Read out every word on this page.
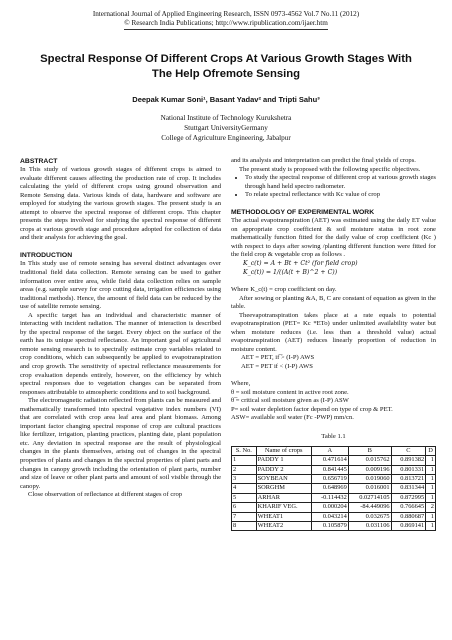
International Journal of Applied Engineering Research, ISSN 0973-4562 Vol.7 No.11 (2012)
© Research India Publications; http://www.ripublication.com/ijaer.htm
Spectral Response Of Different Crops At Various Growth Stages With The Help Ofremote Sensing
Deepak Kumar Soni¹, Basant Yadav² and Tripti Sahu³
National Institute of Technology Kurukshetra
Stuttgart UniversityGermany
College of Agriculture Engineering, Jabalpur
ABSTRACT

In This study of various growth stages of different crops is aimed to evaluate different causes affecting the production rate of crop. It includes calculating the yield of different crops using ground observation and Remote Sensing data. Various kinds of data, hardware and software are employed for studying the various growth stages. The present study is an attempt to observe the spectral response of different crops. This chapter presents the steps involved for studying the spectral response of different crops at various growth stage and procedure adopted for collection of data and their analysis for achieving the goal.

INTRODUCTION

In This study use of remote sensing has several distinct advantages over traditional field data collection. Remote sensing can be used to gather information over entire area, while field data collection relies on sample areas (e.g. sample survey for crop cutting data, irrigation efficiencies using traditional methods). Hence, the amount of field data can be reduced by the use of satellite remote sensing.

A specific target has an individual and characteristic manner of interacting with incident radiation. The manner of interaction is described by the spectral response of the target. Every object on the surface of the earth has its unique spectral reflectance. An important goal of agricultural remote sensing research is to spectrally estimate crop variables related to crop conditions, which can subsequently be applied to evapotranspiration and crop growth. The sensitivity of spectral reflectance measurements for crop evaluation depends entirely, however, on the efficiency by which spectral responses due to vegetation changes can be separated from responses attributable to atmospheric conditions and to soil background.

The electromagnetic radiation reflected from plants can be measured and mathematically transformed into spectral vegetative index numbers (VI) that are correlated with crop area leaf area and plant biomass. Among important factor changing spectral response of crop are cultural practices like fertilizer, irrigation, planting practices, planting date, plant population etc. Any deviation in spectral response are the result of physiological changes in the plants themselves, arising out of changes in the spectral properties of plants and changes in the spectral properties of plant parts and changes in canopy growth including the orientation of plant parts, number and size of leave or other plant parts and amount of soil visible through the canopy.

Close observation of reflectance at different stages of crop

and its analysis and interpretation can predict the final yields of crops.

The present study is proposed with the following specific objectives.

• To study the spectral response of different crop at various growth stages through hand held spectro radiometer.
• To relate spectral reflectance with Kc value of crop
METHODOLOGY OF EXPERIMENTAL WORK

The actual evapotranspiration (AET) was estimated using the daily ET value on appropriate crop coefficient & soil moisture status in root zone mathematically function fitted for the daily value of crop coefficient (Kc ) with respect to days after sowing /planting different function were fitted for the field crop & vegetable crop as follows .

K_c(t) = A + Bt + Ct² (for field crop)
K_c(t)) = 1/((A(t + B)^2 + C))

Where K_c(t) = crop coefficient on day.

After sowing or planting &A, B, C are constant of equation as given in the table.

Theevapotranspiration takes place at a rate equals to potential evapotranspiration (PET= Kc *ETo) under unlimited availability water but when moisture reduces (i.e. less than a threshold value) actual evapotranspiration (AET) reduces linearly proportion of reduction in moisture content.

AET = PET, if ̅> (I-P) AWS

AET = PET if < (I-P) AWS

Where,

θ = soil moisture content in active root zone.

θ ̅= critical soil moisture given as (I-P) ASW

P= soil water depletion factor depend on type of crop & PET.

ASW= available soil water (Fc -PWP) mm/cn.

Table 1.1
S. No.	Name of crops	A	B	C	D
1	PADDY 1	0.471614	0.015762	0.891382	1
2	PADDY 2	0.841445	0.009196	0.801331	1
3	SOYBEAN	0.656719	0.019060	0.813721	1
4	SORGHM	0.648969	0.016001	0.831344	1
5	ARHAR	-0.114432	0.02714105	0.872995	1
6	KHARIF VEG.	0.000204	-84.449096	0.766645	2
7	WHEAT1	0.043214	0.032675	0.880687	1
8	WHEAT2	0.105879	0.031106	0.869141	1
